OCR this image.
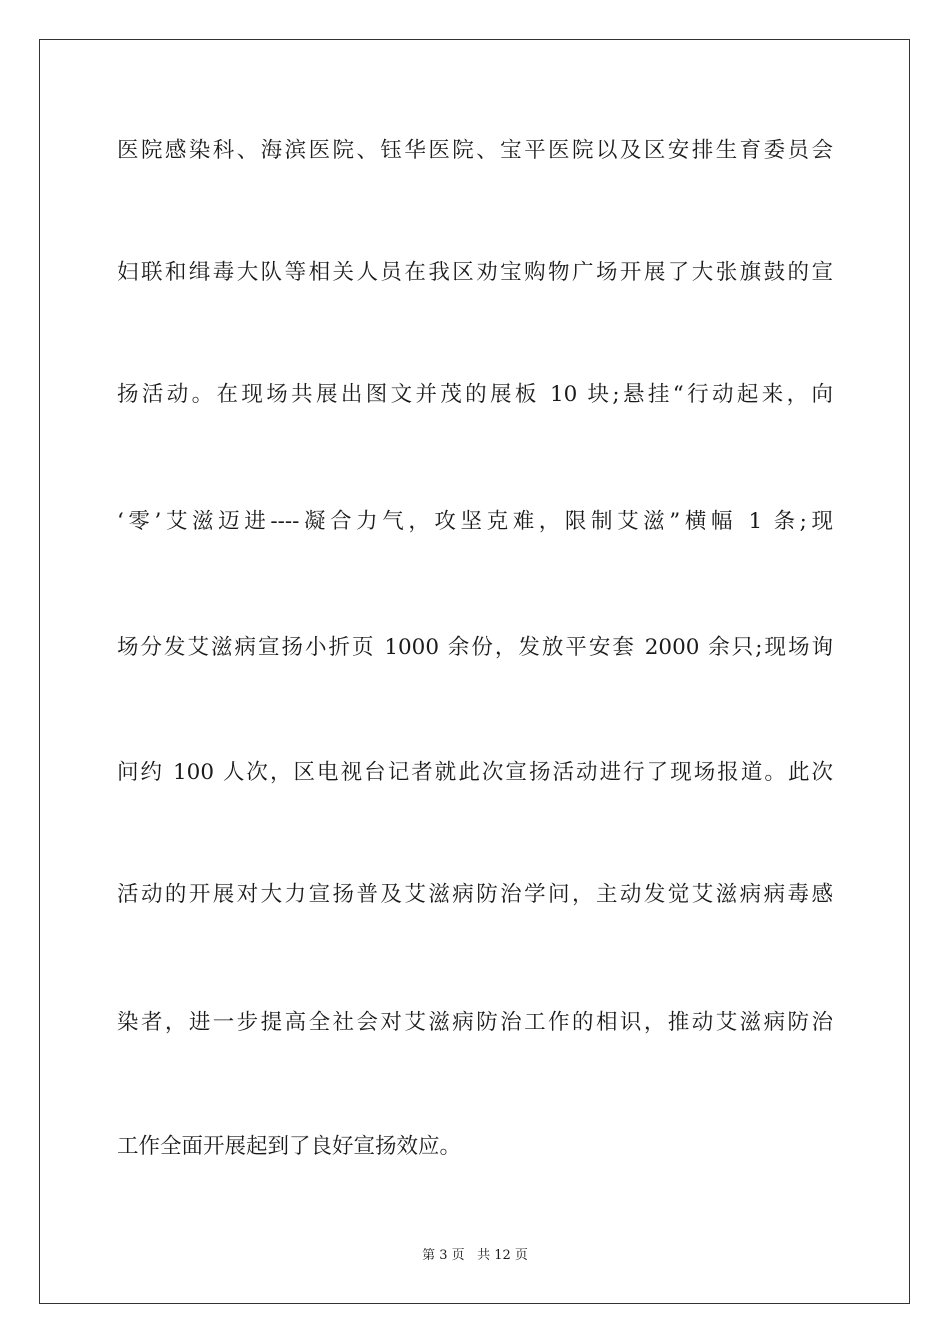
医院感染科、海滨医院、钰华医院、宝平医院以及区安排生育委员会
妇联和缉毒大队等相关人员在我区劝宝购物广场开展了大张旗鼓的宣
扬活动。在现场共展出图文并茂的展板 10 块;悬挂“行动起来，向
‘零’艾滋迈进----凝合力气，攻坚克难，限制艾滋”横幅 1 条;现
场分发艾滋病宣扬小折页 1000 余份，发放平安套 2000 余只;现场询
问约 100 人次，区电视台记者就此次宣扬活动进行了现场报道。此次
活动的开展对大力宣扬普及艾滋病防治学问，主动发觉艾滋病病毒感
染者，进一步提高全社会对艾滋病防治工作的相识，推动艾滋病防治
工作全面开展起到了良好宣扬效应。
第 3 页 共 12 页
